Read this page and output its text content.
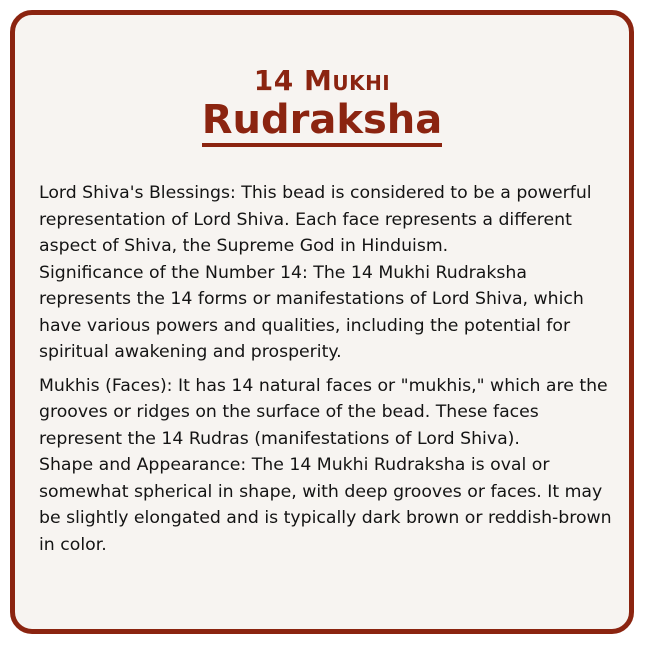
14 Mukhi
Rudraksha

Lord Shiva's Blessings: This bead is considered to be a powerful representation of Lord Shiva. Each face represents a different aspect of Shiva, the Supreme God in Hinduism.

Significance of the Number 14: The 14 Mukhi Rudraksha represents the 14 forms or manifestations of Lord Shiva, which have various powers and qualities, including the potential for spiritual awakening and prosperity.

Mukhis (Faces): It has 14 natural faces or "mukhis," which are the grooves or ridges on the surface of the bead. These faces represent the 14 Rudras (manifestations of Lord Shiva).

Shape and Appearance: The 14 Mukhi Rudraksha is oval or somewhat spherical in shape, with deep grooves or faces. It may be slightly elongated and is typically dark brown or reddish-brown in color.
